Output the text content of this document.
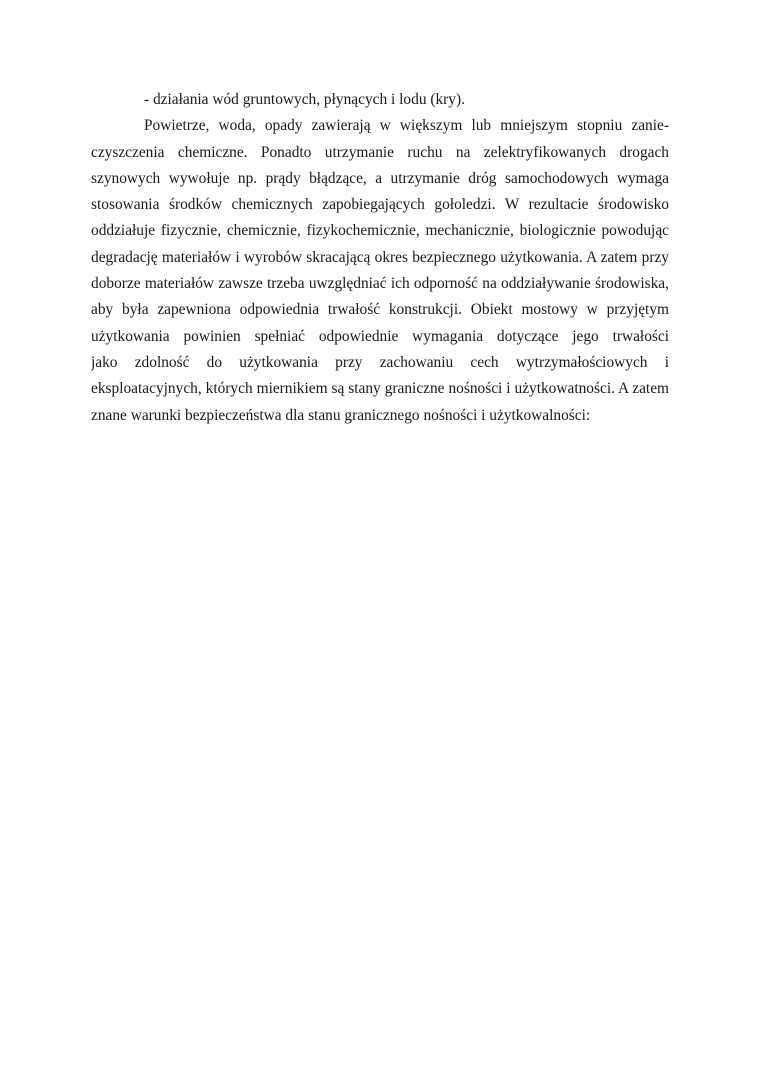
- działania wód gruntowych, płynących i lodu (kry).
Powietrze, woda, opady zawierają w większym lub mniejszym stopniu zanie-
czyszczenia chemiczne. Ponadto utrzymanie ruchu na zelektryfikowanych drogach
szynowych wywołuje np. prądy błądzące, a utrzymanie dróg samochodowych wymaga
stosowania środków chemicznych zapobiegających gołoledzi. W rezultacie środowisko
oddziałuje fizycznie, chemicznie, fizykochemicznie, mechanicznie, biologicznie powodując
degradację materiałów i wyrobów skracającą okres bezpiecznego użytkowania. A zatem przy
doborze materiałów zawsze trzeba uwzględniać ich odporność na oddziaływanie środowiska,
aby była zapewniona odpowiednia trwałość konstrukcji. Obiekt mostowy w przyjętym
użytkowania powinien spełniać odpowiednie wymagania dotyczące jego trwałości
jako zdolność do użytkowania przy zachowaniu cech wytrzymałościowych i
eksploatacyjnych, których miernikiem są stany graniczne nośności i użytkowatności. A zatem
znane warunki bezpieczeństwa dla stanu granicznego nośności i użytkowalności:
